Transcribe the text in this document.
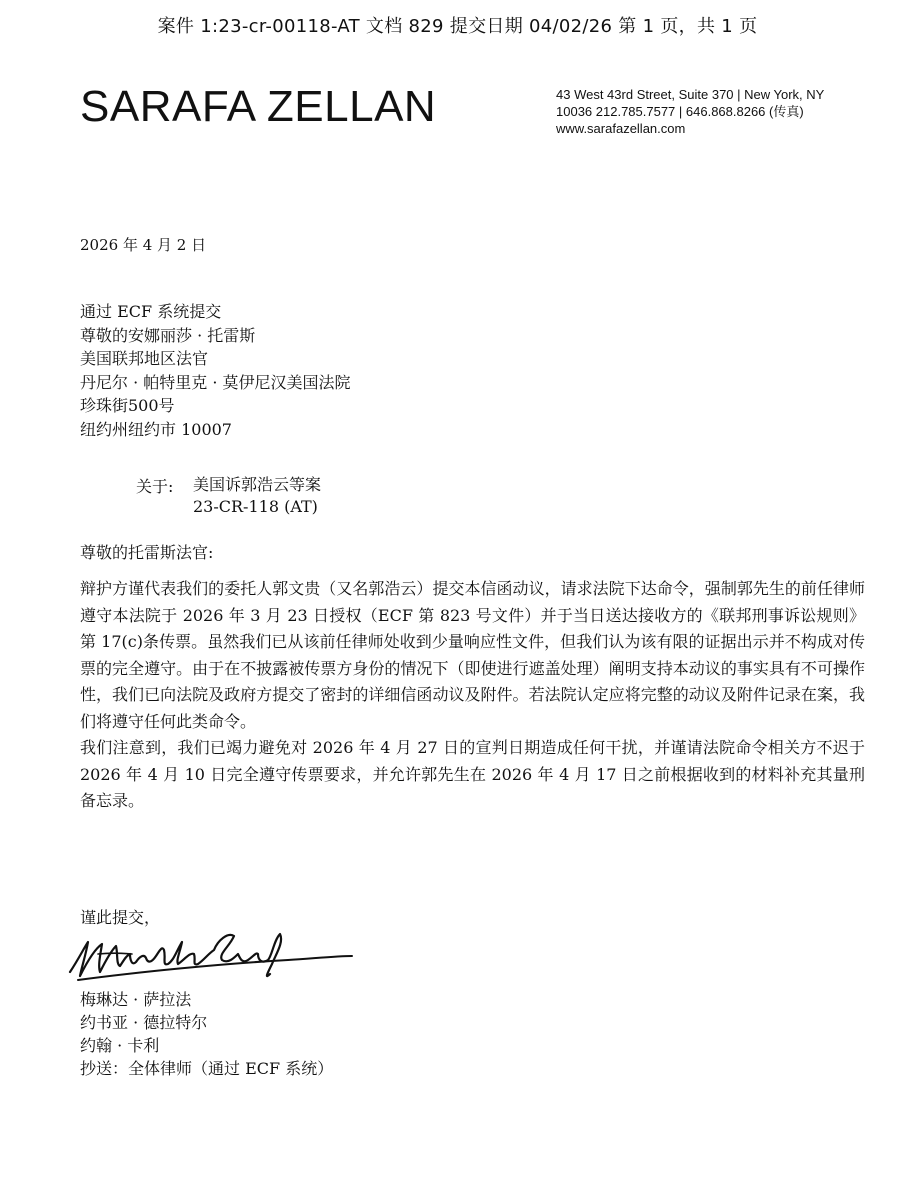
案件 1:23-cr-00118-AT 文档 829 提交日期 04/02/26 第 1 页，共 1 页
SARAFA ZELLAN	43 West 43rd Street, Suite 370 | New York, NY
10036 212.785.7577 | 646.868.8266 (传真)
www.sarafazellan.com
2026 年 4 月 2 日
通过 ECF 系统提交
尊敬的安娜丽莎 · 托雷斯
美国联邦地区法官
丹尼尔 · 帕特里克 · 莫伊尼汉美国法院
珍珠街500号
纽约州纽约市 10007
关于: 美国诉郭浩云等案
23-CR-118 (AT)
尊敬的托雷斯法官:

辩护方谨代表我们的委托人郭文贵（又名郭浩云）提交本信函动议，请求法院下达命令，强制郭先生的前任律师遵守本法院于 2026 年 3 月 23 日授权（ECF 第 823 号文件）并于当日送达接收方的《联邦刑事诉讼规则》第 17(c)条传票。虽然我们已从该前任律师处收到少量响应性文件，但我们认为该有限的证据出示并不构成对传票的完全遵守。由于在不披露被传票方身份的情况下（即使进行遮盖处理）阐明支持本动议的事实具有不可操作性，我们已向法院及政府方提交了密封的详细信函动议及附件。若法院认定应将完整的动议及附件记录在案，我们将遵守任何此类命令。

我们注意到，我们已竭力避免对 2026 年 4 月 27 日的宣判日期造成任何干扰，并谨请法院命令相关方不迟于 2026 年 4 月 10 日完全遵守传票要求，并允许郭先生在 2026 年 4 月 17 日之前根据收到的材料补充其量刑备忘录。

谨此提交，
梅琳达 · 萨拉法
约书亚 · 德拉特尔
约翰 · 卡利
抄送：全体律师（通过 ECF 系统）
